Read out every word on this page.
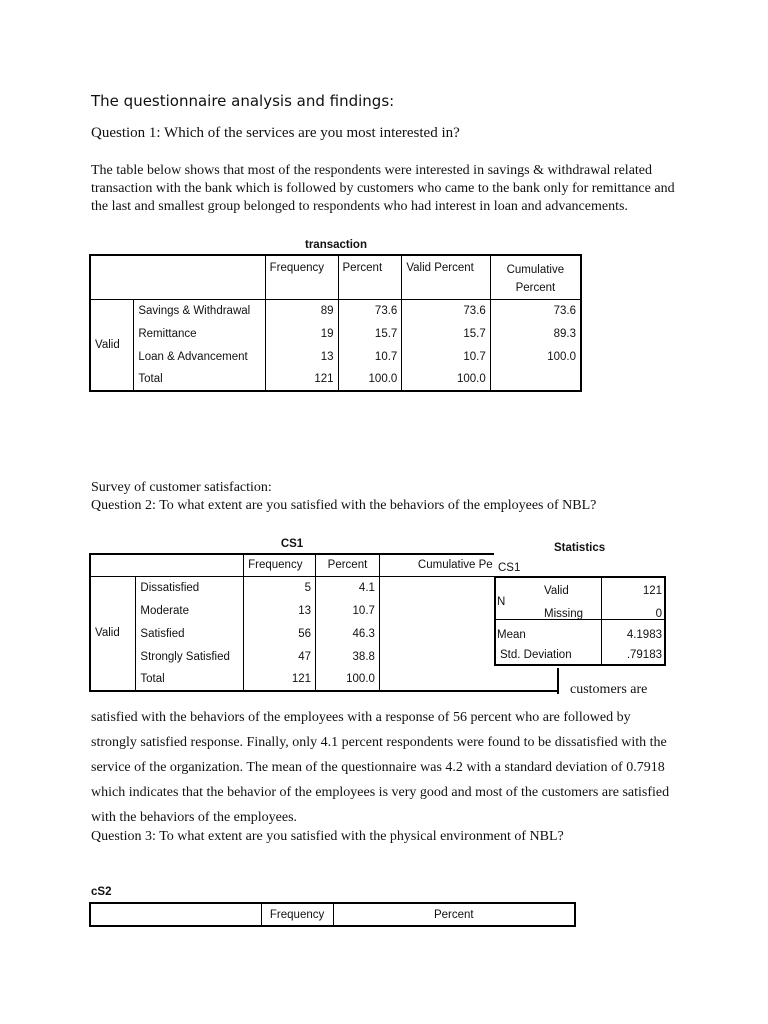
The questionnaire analysis and findings:
Question 1: Which of the services are you most interested in?
The table below shows that most of the respondents were interested in savings & withdrawal related transaction with the bank which is followed by customers who came to the bank only for remittance and the last and smallest group belonged to respondents who had interest in loan and advancements.
transaction
		Frequency	Percent	Valid Percent	Cumulative
					Percent
Valid	Savings & Withdrawal	89	73.6	73.6	73.6
	Remittance	19	15.7	15.7	89.3
	Loan & Advancement	13	10.7	10.7	100.0
	Total	121	100.0	100.0	
Survey of customer satisfaction:
Question 2: To what extent are you satisfied with the behaviors of the employees of NBL?
CS1
		Frequency	Percent	Cumulative Pe
Valid	Dissatisfied	5	4.1	
	Moderate	13	10.7	
	Satisfied	56	46.3	
	Strongly Satisfied	47	38.8	
	Total	121	100.0	
Statistics
CS1
N
Valid	121
Missing	0
Mean	4.1983
Std. Deviation	.79183
customers are
satisfied with the behaviors of the employees with a response of 56 percent who are followed by strongly satisfied response. Finally, only 4.1 percent respondents were found to be dissatisfied with the service of the organization. The mean of the questionnaire was 4.2 with a standard deviation of 0.7918 which indicates that the behavior of the employees is very good and most of the customers are satisfied with the behaviors of the employees.
Question 3: To what extent are you satisfied with the physical environment of NBL?
cS2
	Frequency	Percent
